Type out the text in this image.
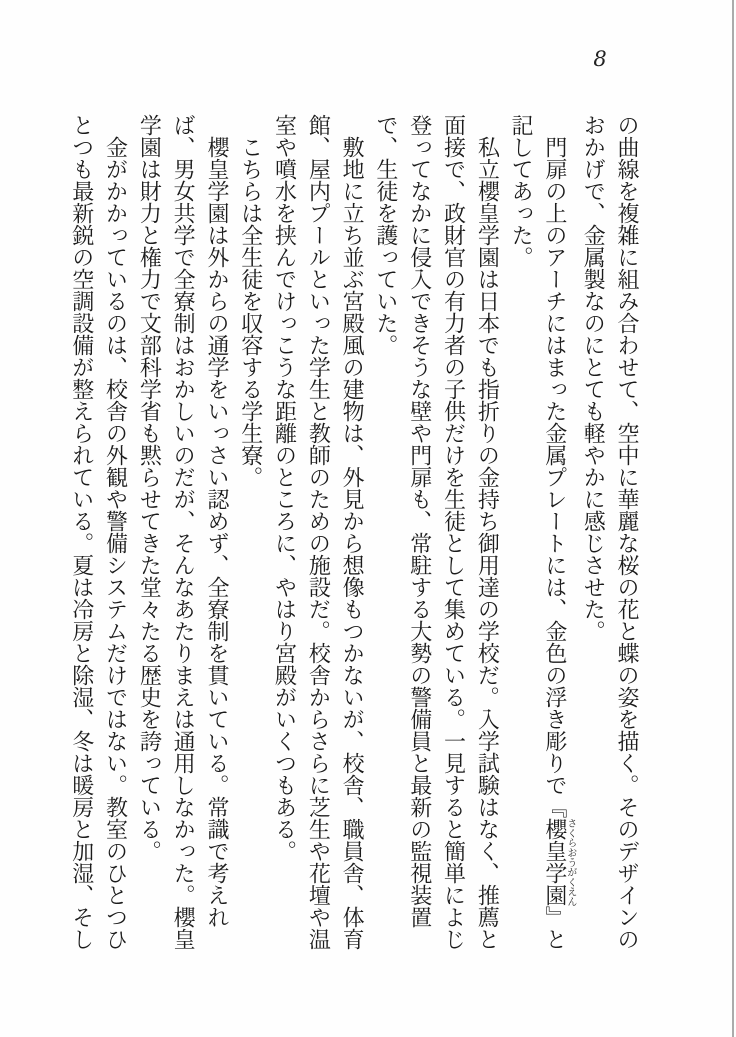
8

の曲線を複雑に組み合わせて、空中に華麗な桜の花と蝶の姿を描く。そのデザインのおかげで、金属製なのにとても軽やかに感じさせた。

門扉の上のアーチにはまった金属プレートには、金色の浮き彫りで『櫻皇学園さくらおうがくえん』と記してあった。

私立櫻皇学園は日本でも指折りの金持ち御用達の学校だ。入学試験はなく、推薦と面接で、政財官の有力者の子供だけを生徒として集めている。一見すると簡単によじ登ってなかに侵入できそうな壁や門扉も、常駐する大勢の警備員と最新の監視装置で、生徒を護っていた。

敷地に立ち並ぶ宮殿風の建物は、外見から想像もつかないが、校舎、職員舎、体育館、屋内プールといった学生と教師のための施設だ。校舎からさらに芝生や花壇や温室や噴水を挟んでけっこうな距離のところに、やはり宮殿がいくつもある。

こちらは全生徒を収容する学生寮。

櫻皇学園は外からの通学をいっさい認めず、全寮制を貫いている。常識で考えれば、男女共学で全寮制はおかしいのだが、そんなあたりまえは通用しなかった。櫻皇学園は財力と権力で文部科学省も黙らせてきた堂々たる歴史を誇っている。

金がかかっているのは、校舎の外観や警備システムだけではない。教室のひとつひとつも最新鋭の空調設備が整えられている。夏は冷房と除湿、冬は暖房と加湿、そし
